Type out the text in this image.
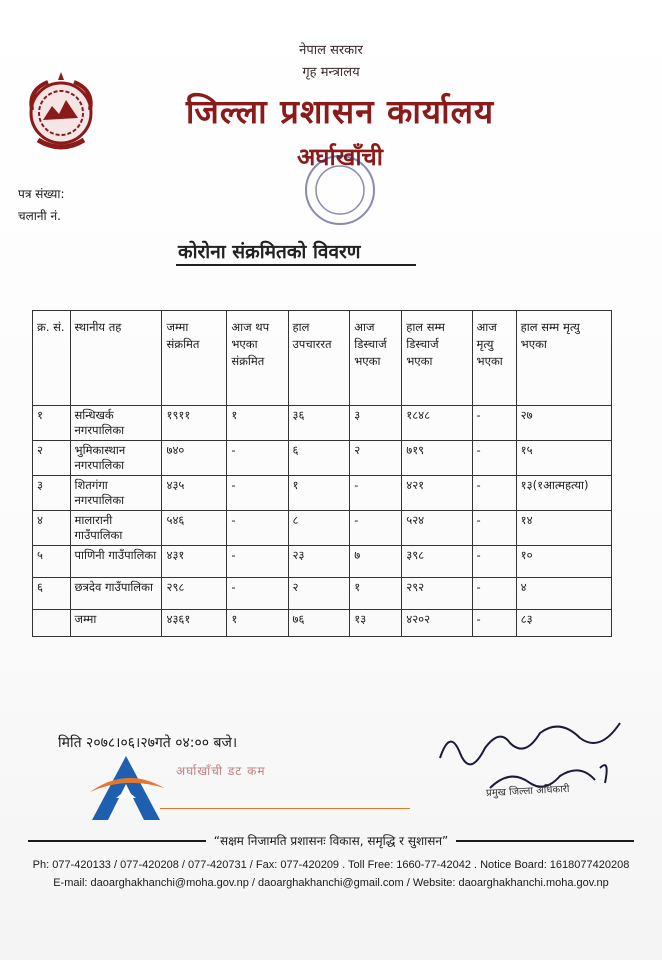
नेपाल सरकार
गृह मन्त्रालय
जिल्ला प्रशासन कार्यालय
अर्घाखाँची
पत्र संख्या:
चलानी नं.
कोरोना संक्रमितको विवरण
क्र. सं.	स्थानीय तह	जम्मा संक्रमित	आज थप भएका संक्रमित	हाल उपचाररत	आज डिस्चार्ज भएका	हाल सम्म डिस्चार्ज भएका	आज मृत्यु भएका	हाल सम्म मृत्यु भएका
१	सन्धिखर्क नगरपालिका	१९११	१	३६	३	१८४८	-	२७
२	भुमिकास्थान नगरपालिका	७४०	-	६	२	७१९	-	१५
३	शितगंगा नगरपालिका	४३५	-	१	-	४२१	-	१३(१आत्महत्या)
४	मालारानी गाउँपालिका	५४६	-	८	-	५२४	-	१४
५	पाणिनी गाउँपालिका	४३१	-	२३	७	३९८	-	१०
६	छत्रदेव गाउँपालिका	२९८	-	२	१	२९२	-	४
	जम्मा	४३६१	१	७६	१३	४२०२	-	८३
मिति २०७८।०६।२७गते ०४:०० बजे।
प्रमुख जिल्ला अधिकारी
अर्घाखाँची डट कम
“सक्षम निजामति प्रशासनः विकास, समृद्धि र सुशासन”
Ph: 077-420133 / 077-420208 / 077-420731 / Fax: 077-420209 . Toll Free: 1660-77-42042 . Notice Board: 1618077420208
E-mail: daoarghakhanchi@moha.gov.np / daoarghakhanchi@gmail.com / Website: daoarghakhanchi.moha.gov.np
